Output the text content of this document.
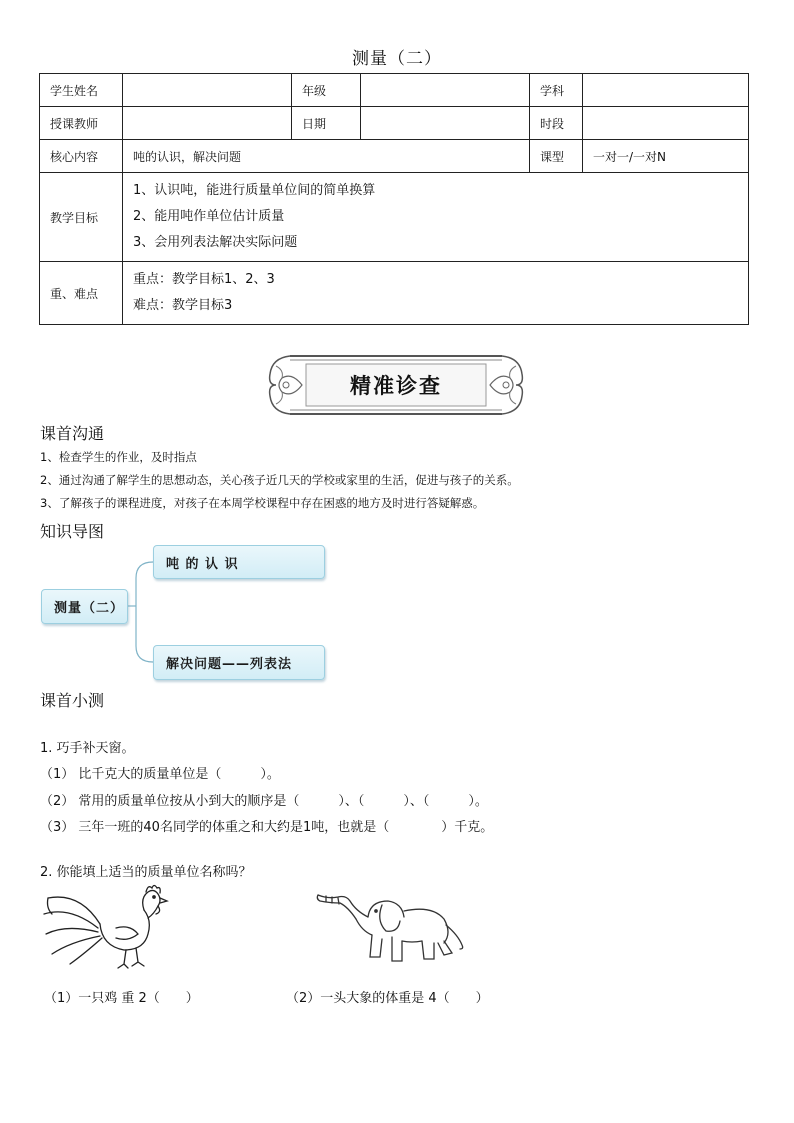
测量（二）
学生姓名		年级		学科	
授课教师		日期		时段	
核心内容	吨的认识，解决问题			课型	一对一/一对N
教学目标	1、认识吨，能进行质量单位间的简单换算
2、能用吨作单位估计质量
3、会用列表法解决实际问题				

重、难点	重点：教学目标1、2、3
难点：教学目标3				
精准诊查
课首沟通
1、检查学生的作业，及时指点
2、通过沟通了解学生的思想动态，关心孩子近几天的学校或家里的生活，促进与孩子的关系。
3、了解孩子的课程进度，对孩子在本周学校课程中存在困惑的地方及时进行答疑解惑。
知识导图
测量（二）
吨 的 认 识
解决问题——列表法
课首小测
1. 巧手补天窗。
（1） 比千克大的质量单位是（　　　）。
（2） 常用的质量单位按从小到大的顺序是（　　　）、（　　　）、（　　　）。
（3） 三年一班的40名同学的体重之和大约是1吨，也就是（　　　　）千克。
2. 你能填上适当的质量单位名称吗？
（1）一只鸡 重 2（　　）	（2）一头大象的体重是 4（　　）
